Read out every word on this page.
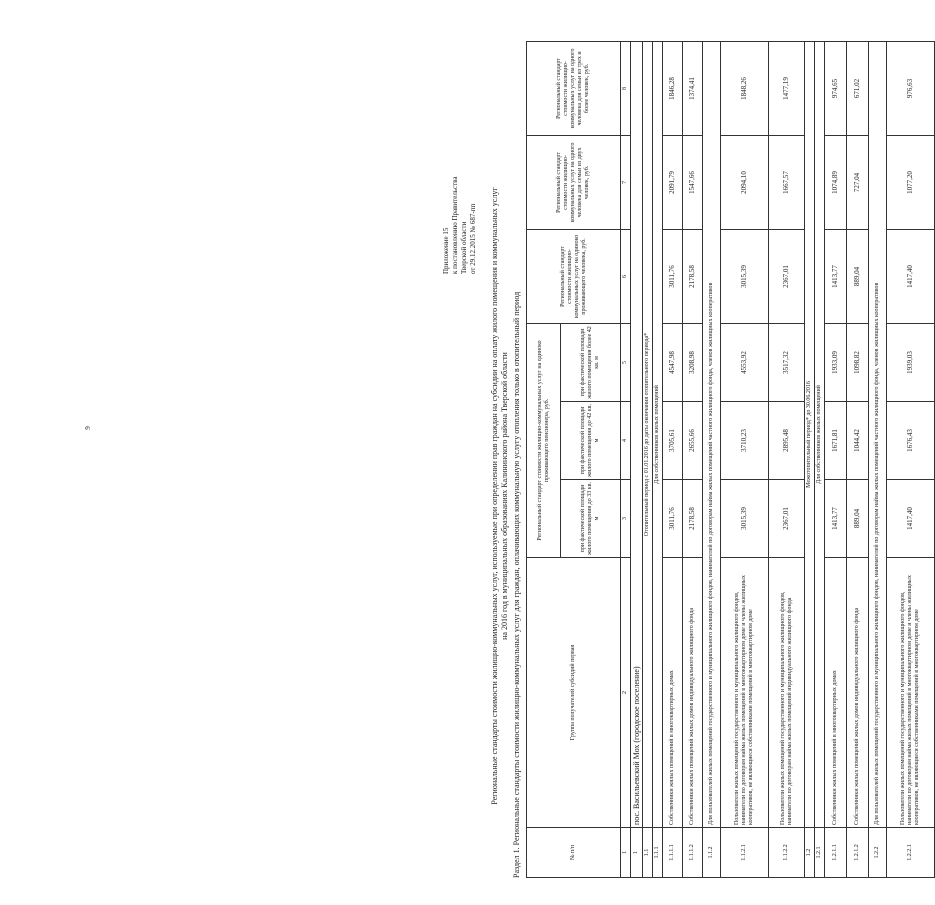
9
Приложение 15 к постановлению Правительства Тверской области от 29.12.2015 № 687-пп Региональные стандарты стоимости жилищно-коммунальных услуг, используемые при определении прав граждан на субсидии на оплату жилого помещения и коммунальных услуг на 2016 год в муниципальных образованиях Калининского района Тверской области Раздел 1. Региональные стандарты стоимости жилищно-коммунальных услуг для граждан, оплачивающих коммунальную услугу отопления только в отопительный период	№ п/п	Группа получателей субсидий первая	Региональный стандарт стоимости жилищно-коммунальных услуг на одиноко проживающего пенсионера, руб.			Региональный стандарт стоимости жилищно-коммунальных услуг на одиноко проживающего человека, руб.	Региональный стандарт стоимости жилищно-коммунальных услуг на одного человека для семьи из двух человек, руб.	Региональный стандарт стоимости жилищно-коммунальных услуг на одного человека для семьи из трех и более человек, руб.
		при фактической площади жилого помещения до 33 кв. м	при фактической площади жилого помещения до 42 кв. м	при фактической площади жилого помещения более 42 кв. м			
1	2	3	4	5	6	7	8
1	пос. Васильевский Мох (городское поселение)						
1.1	Отопительный период с 01.01.2016 до даты окончания отопительного периода*						
1.1.1	Для собственников жилых помещений						
1.1.1.1	Собственники жилых помещений в многоквартирных домах	3011,76	3705,61	4547,98	3011,76	2091,79	1846,28
1.1.1.2	Собственники жилых помещений жилых домов индивидуального жилищного фонда	2178,58	2655,66	3208,98	2178,58	1547,66	1374,41
1.1.2	Для пользователей жилых помещений государственного и муниципального жилищного фондов, нанимателей по договорам найма жилых помещений частного жилищного фонда, членов жилищных кооперативов						
1.1.2.1	Пользователи жилых помещений государственного и муниципального жилищного фондов, наниматели по договорам найма жилых помещений в многоквартирном доме и члены жилищных кооперативов, не являющиеся собственниками помещений в многоквартирном доме	3015,39	3710,23	4553,92	3015,39	2094,10	1848,26
1.1.2.2	Пользователи жилых помещений государственного и муниципального жилищного фондов, наниматели по договорам найма жилых помещений индивидуального жилищного фонда	2367,01	2895,48	3517,32	2367,01	1667,57	1477,19
1.2	Межотопительный период* до 30.06.2016						
1.2.1	Для собственников жилых помещений						
1.2.1.1	Собственники жилых помещений в многоквартирных домах	1413,77	1671,81	1933,09	1413,77	1074,89	974,65
1.2.1.2	Собственники жилых помещений жилых домов индивидуального жилищного фонда	889,04	1044,42	1098,82	889,04	727,04	671,02
1.2.2	Для пользователей жилых помещений государственного и муниципального жилищного фондов, нанимателей по договорам найма жилых помещений частного жилищного фонда, членов жилищных кооперативов						
1.2.2.1	Пользователи жилых помещений государственного и муниципального жилищного фондов, наниматели по договорам найма жилых помещений в многоквартирном доме и члены жилищных кооперативов, не являющиеся собственниками помещений в многоквартирном доме	1417,40	1676,43	1939,03	1417,40	1077,20	976,63
